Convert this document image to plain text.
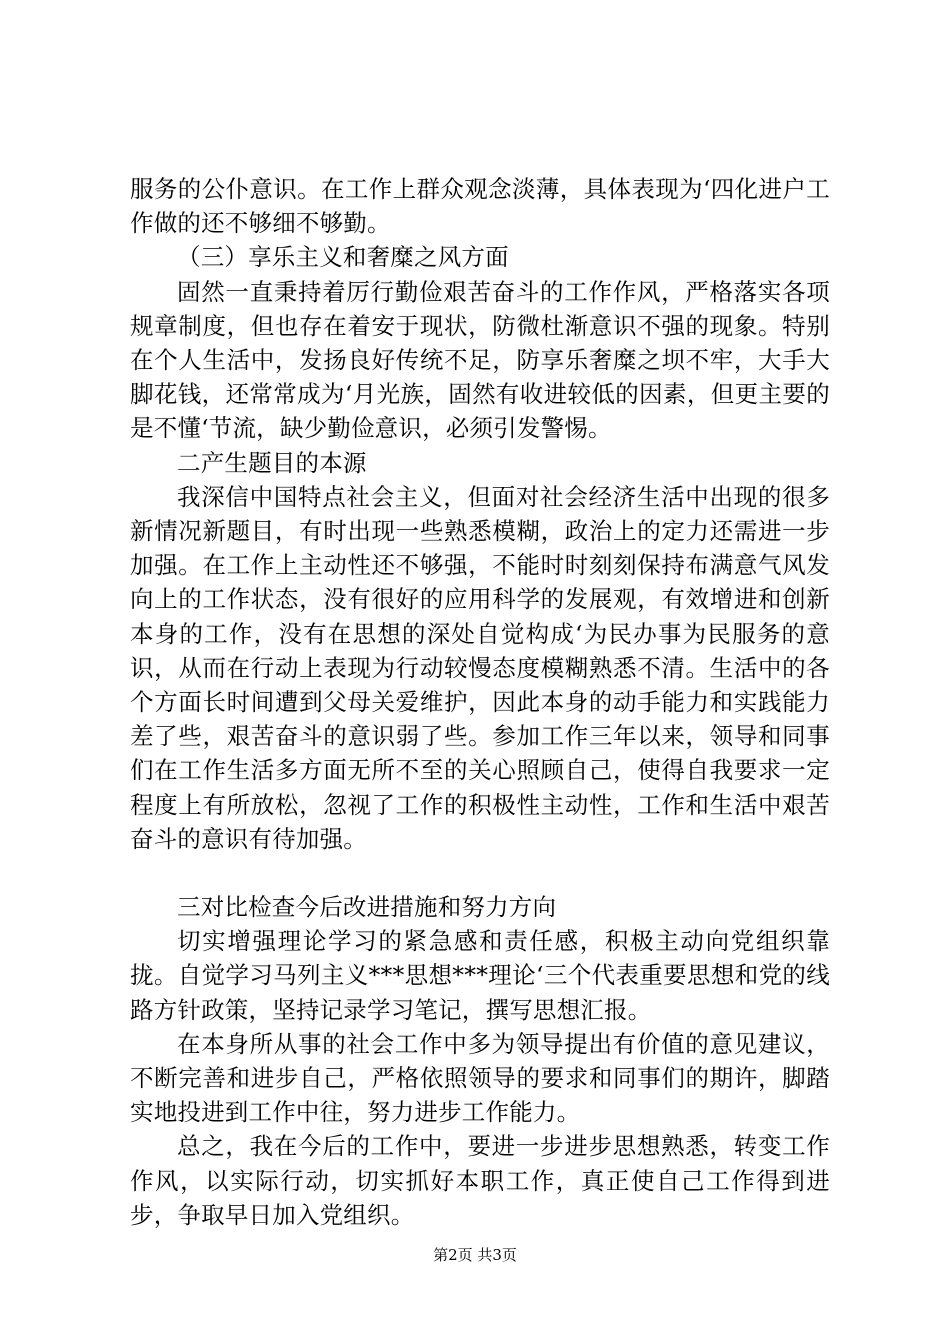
服务的公仆意识。在工作上群众观念淡薄，具体表现为‘四化进户工作做的还不够细不够勤。

（三）享乐主义和奢糜之风方面

固然一直秉持着厉行勤俭艰苦奋斗的工作作风，严格落实各项规章制度，但也存在着安于现状，防微杜渐意识不强的现象。特别在个人生活中，发扬良好传统不足，防享乐奢糜之坝不牢，大手大脚花钱，还常常成为‘月光族，固然有收进较低的因素，但更主要的是不懂‘节流，缺少勤俭意识，必须引发警惕。

二产生题目的本源

我深信中国特点社会主义，但面对社会经济生活中出现的很多新情况新题目，有时出现一些熟悉模糊，政治上的定力还需进一步加强。在工作上主动性还不够强，不能时时刻刻保持布满意气风发向上的工作状态，没有很好的应用科学的发展观，有效增进和创新本身的工作，没有在思想的深处自觉构成‘为民办事为民服务的意识，从而在行动上表现为行动较慢态度模糊熟悉不清。生活中的各个方面长时间遭到父母关爱维护，因此本身的动手能力和实践能力差了些，艰苦奋斗的意识弱了些。参加工作三年以来，领导和同事们在工作生活多方面无所不至的关心照顾自己，使得自我要求一定程度上有所放松，忽视了工作的积极性主动性，工作和生活中艰苦奋斗的意识有待加强。

三对比检查今后改进措施和努力方向

切实增强理论学习的紧急感和责任感，积极主动向党组织靠拢。自觉学习马列主义***思想***理论‘三个代表重要思想和党的线路方针政策，坚持记录学习笔记，撰写思想汇报。

在本身所从事的社会工作中多为领导提出有价值的意见建议，不断完善和进步自己，严格依照领导的要求和同事们的期许，脚踏实地投进到工作中往，努力进步工作能力。

总之，我在今后的工作中，要进一步进步思想熟悉，转变工作作风，以实际行动，切实抓好本职工作，真正使自己工作得到进步，争取早日加入党组织。

第2页 共3页
